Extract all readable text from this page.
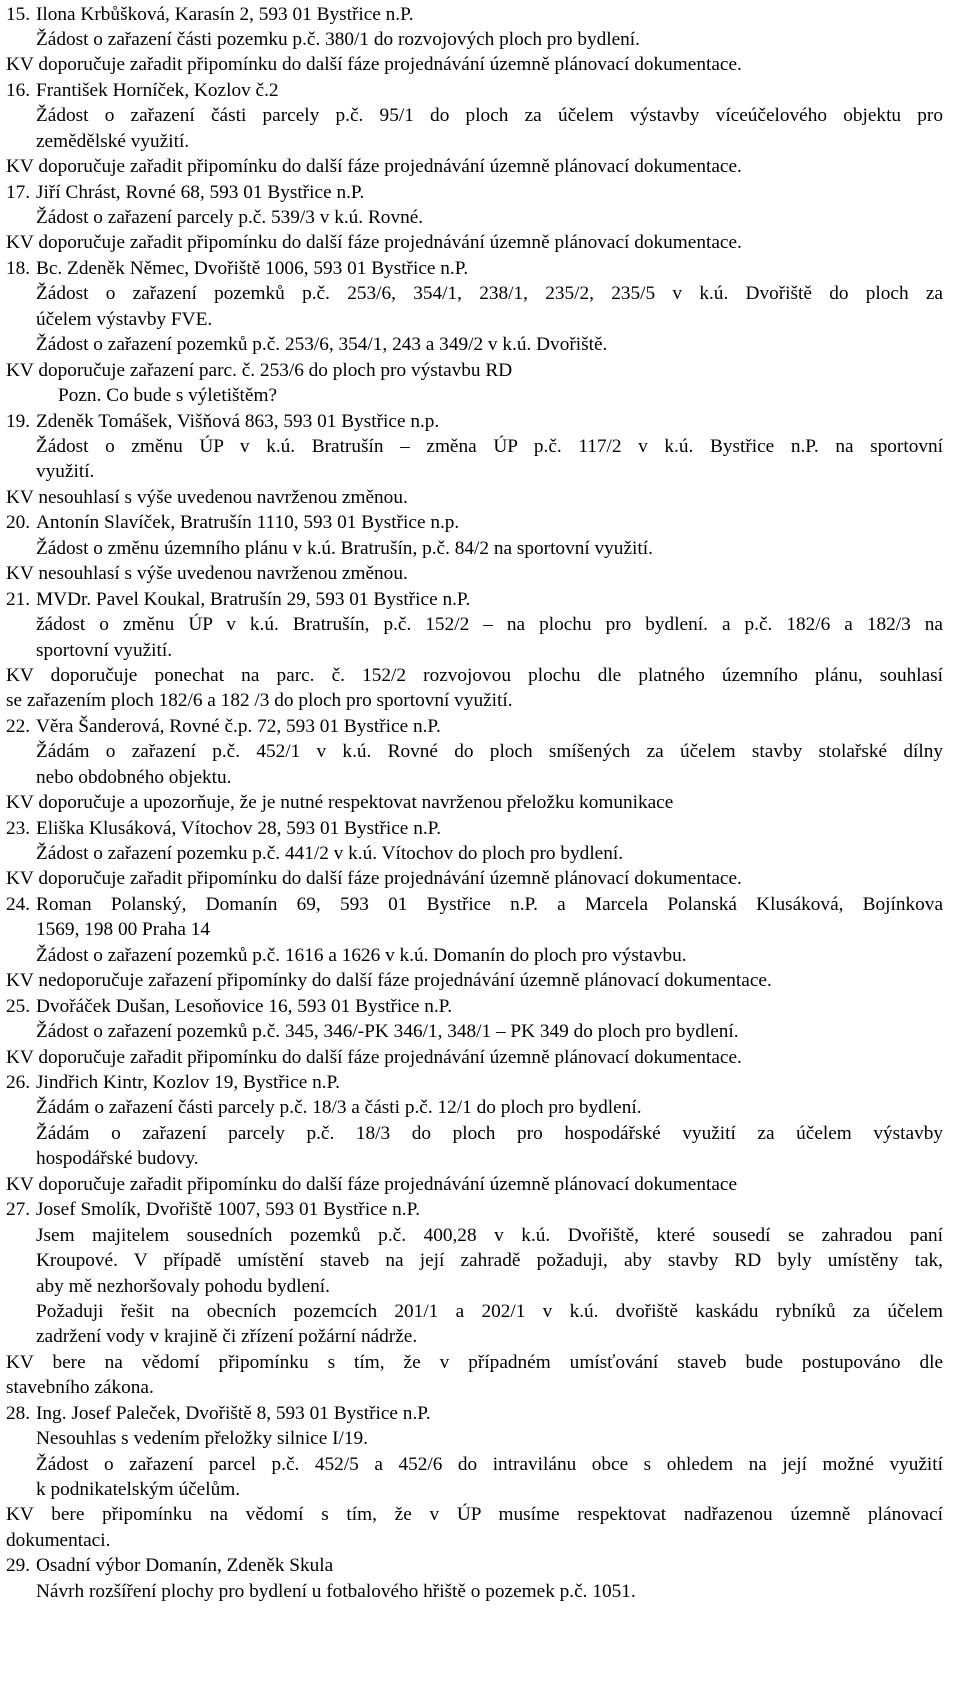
15. Ilona Krbůšková, Karasín 2, 593 01 Bystřice n.P.
Žádost o zařazení části pozemku p.č. 380/1 do rozvojových ploch pro bydlení.
KV doporučuje zařadit připomínku do další fáze projednávání územně plánovací dokumentace.
16. František Horníček, Kozlov č.2
Žádost o zařazení části parcely p.č. 95/1 do ploch za účelem výstavby víceúčelového objektu pro
zemědělské využití.
KV doporučuje zařadit připomínku do další fáze projednávání územně plánovací dokumentace.
17. Jiří Chrást, Rovné 68, 593 01 Bystřice n.P.
Žádost o zařazení parcely p.č. 539/3 v k.ú. Rovné.
KV doporučuje zařadit připomínku do další fáze projednávání územně plánovací dokumentace.
18. Bc. Zdeněk Němec, Dvořiště 1006, 593 01 Bystřice n.P.
Žádost o zařazení pozemků p.č. 253/6, 354/1, 238/1, 235/2, 235/5 v k.ú. Dvořiště do ploch za
účelem výstavby FVE.
Žádost o zařazení pozemků p.č. 253/6, 354/1, 243 a 349/2 v k.ú. Dvořiště.
KV doporučuje zařazení parc. č. 253/6 do ploch pro výstavbu RD
Pozn. Co bude s výletištěm?
19. Zdeněk Tomášek, Višňová 863, 593 01 Bystřice n.p.
Žádost o změnu ÚP v k.ú. Bratrušín – změna ÚP p.č. 117/2 v k.ú. Bystřice n.P. na sportovní
využití.
KV nesouhlasí s výše uvedenou navrženou změnou.
20. Antonín Slavíček, Bratrušín 1110, 593 01 Bystřice n.p.
Žádost o změnu územního plánu v k.ú. Bratrušín, p.č. 84/2 na sportovní využití.
KV nesouhlasí s výše uvedenou navrženou změnou.
21. MVDr. Pavel Koukal, Bratrušín 29, 593 01 Bystřice n.P.
žádost o změnu ÚP v k.ú. Bratrušín, p.č. 152/2 – na plochu pro bydlení. a p.č. 182/6 a 182/3 na
sportovní využití.
KV doporučuje ponechat na parc. č. 152/2 rozvojovou plochu dle platného územního plánu, souhlasí
se zařazením ploch 182/6 a 182 /3 do ploch pro sportovní využití.
22. Věra Šanderová, Rovné č.p. 72, 593 01 Bystřice n.P.
Žádám o zařazení p.č. 452/1 v k.ú. Rovné do ploch smíšených za účelem stavby stolařské dílny
nebo obdobného objektu.
KV doporučuje a upozorňuje, že je nutné respektovat navrženou přeložku komunikace
23. Eliška Klusáková, Vítochov 28, 593 01 Bystřice n.P.
Žádost o zařazení pozemku p.č. 441/2 v k.ú. Vítochov do ploch pro bydlení.
KV doporučuje zařadit připomínku do další fáze projednávání územně plánovací dokumentace.
24. Roman Polanský, Domanín 69, 593 01 Bystřice n.P. a Marcela Polanská Klusáková, Bojínkova
1569, 198 00 Praha 14
Žádost o zařazení pozemků p.č. 1616 a 1626 v k.ú. Domanín do ploch pro výstavbu.
KV nedoporučuje zařazení připomínky do další fáze projednávání územně plánovací dokumentace.
25. Dvořáček Dušan, Lesoňovice 16, 593 01 Bystřice n.P.
Žádost o zařazení pozemků p.č. 345, 346/-PK 346/1, 348/1 – PK 349 do ploch pro bydlení.
KV doporučuje zařadit připomínku do další fáze projednávání územně plánovací dokumentace.
26. Jindřich Kintr, Kozlov 19, Bystřice n.P.
Žádám o zařazení části parcely p.č. 18/3 a části p.č. 12/1 do ploch pro bydlení.
Žádám o zařazení parcely p.č. 18/3 do ploch pro hospodářské využití za účelem výstavby
hospodářské budovy.
KV doporučuje zařadit připomínku do další fáze projednávání územně plánovací dokumentace
27. Josef Smolík, Dvořiště 1007, 593 01 Bystřice n.P.
Jsem majitelem sousedních pozemků p.č. 400,28 v k.ú. Dvořiště, které sousedí se zahradou paní
Kroupové. V případě umístění staveb na její zahradě požaduji, aby stavby RD byly umístěny tak,
aby mě nezhoršovaly pohodu bydlení.
Požaduji řešit na obecních pozemcích 201/1 a 202/1 v k.ú. dvořiště kaskádu rybníků za účelem
zadržení vody v krajině či zřízení požární nádrže.
KV bere na vědomí připomínku s tím, že v případném umísťování staveb bude postupováno dle
stavebního zákona.
28. Ing. Josef Paleček, Dvořiště 8, 593 01 Bystřice n.P.
Nesouhlas s vedením přeložky silnice I/19.
Žádost o zařazení parcel p.č. 452/5 a 452/6 do intravilánu obce s ohledem na její možné využití
k podnikatelským účelům.
KV bere připomínku na vědomí s tím, že v ÚP musíme respektovat nadřazenou územně plánovací
dokumentaci.
29. Osadní výbor Domanín, Zdeněk Skula
Návrh rozšíření plochy pro bydlení u fotbalového hřiště o pozemek p.č. 1051.
